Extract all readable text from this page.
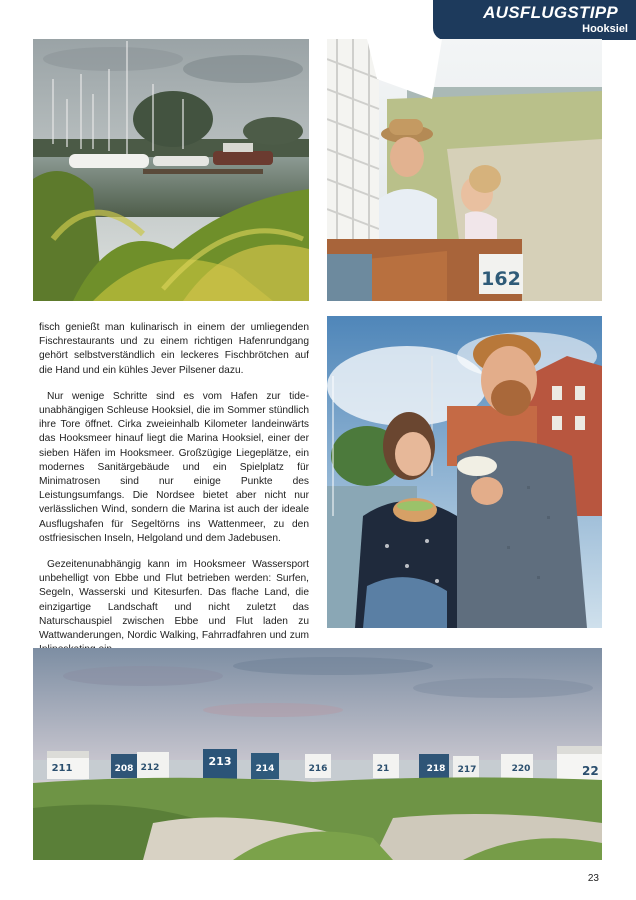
AUSFLUGSTIPP
Hooksiel
162

fisch genießt man kulinarisch in einem der umliegenden Fischrestaurants und zu einem richtigen Hafenrundgang gehört selbstverständlich ein leckeres Fischbrötchen auf die Hand und ein kühles Jever Pilsener dazu.

Nur wenige Schritte sind es vom Hafen zur tide-unabhängigen Schleuse Hooksiel, die im Sommer stündlich ihre Tore öffnet. Cirka zweieinhalb Kilometer landeinwärts das Hooksmeer hinauf liegt die Marina Hooksiel, einer der sieben Häfen im Hooksmeer. Großzügige Liegeplätze, ein modernes Sanitärgebäude und ein Spielplatz für Minimatrosen sind nur einige Punkte des Leistungsumfangs. Die Nordsee bietet aber nicht nur verlässlichen Wind, sondern die Marina ist auch der ideale Ausflugshafen für Segeltörns ins Wattenmeer, zu den ostfriesischen Inseln, Helgoland und dem Jadebusen.

Gezeitenunabhängig kann im Hooksmeer Wassersport unbehelligt von Ebbe und Flut betrieben werden: Surfen, Segeln, Wasserski und Kitesurfen. Das flache Land, die einzigartige Landschaft und nicht zuletzt das Naturschauspiel zwischen Ebbe und Flut laden zu Wattwanderungen, Nordic Walking, Fahrradfahren und zum

211	208 212	213
214	216	21	218 217	220	22
23
